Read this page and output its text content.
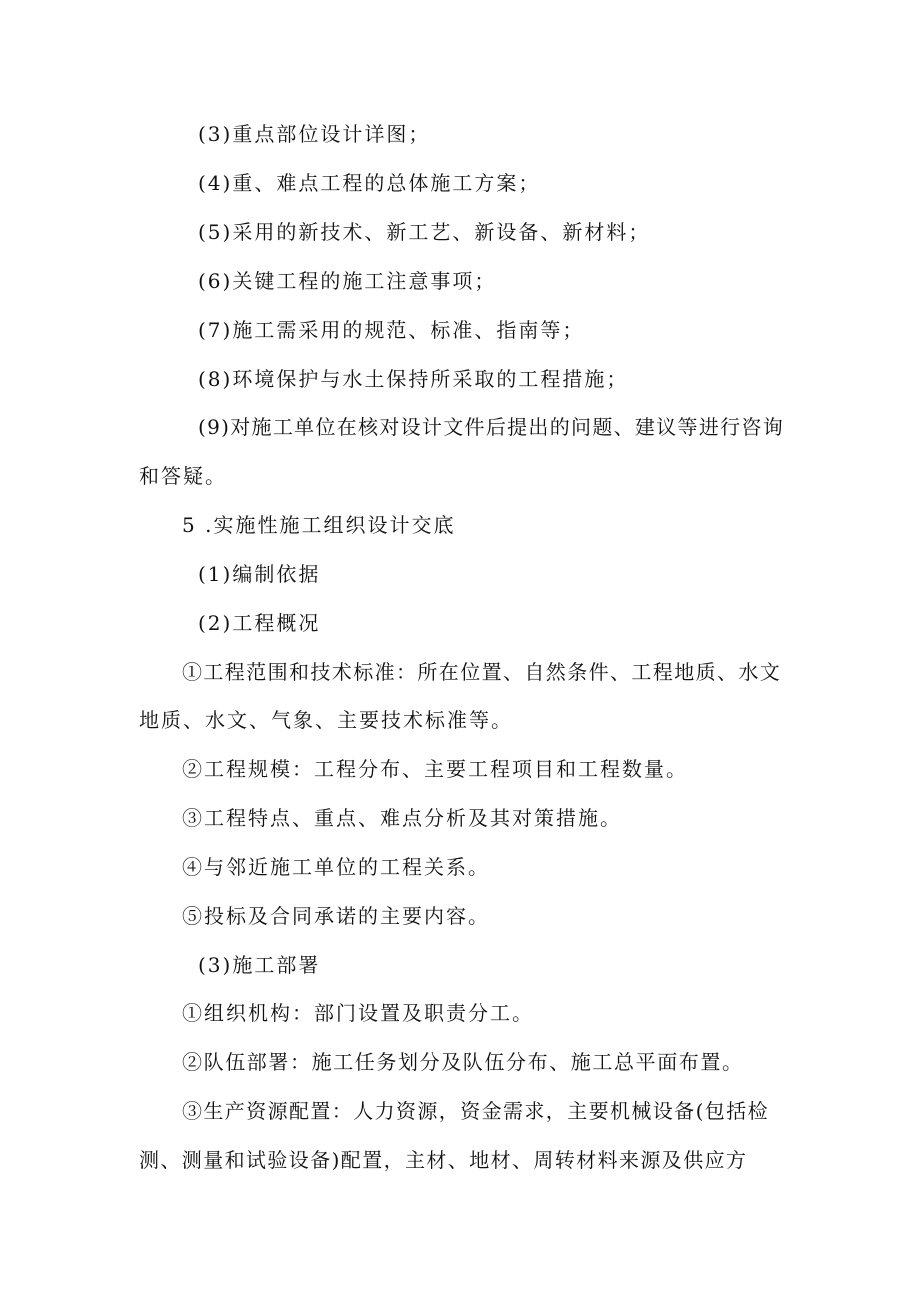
(3)重点部位设计详图；
(4)重、难点工程的总体施工方案；
(5)采用的新技术、新工艺、新设备、新材料；
(6)关键工程的施工注意事项；
(7)施工需采用的规范、标准、指南等；
(8)环境保护与水土保持所采取的工程措施；
(9)对施工单位在核对设计文件后提出的问题、建议等进行咨询
和答疑。
5 .实施性施工组织设计交底
(1)编制依据
(2)工程概况
①工程范围和技术标准：所在位置、自然条件、工程地质、水文
地质、水文、气象、主要技术标准等。
②工程规模：工程分布、主要工程项目和工程数量。
③工程特点、重点、难点分析及其对策措施。
④与邻近施工单位的工程关系。
⑤投标及合同承诺的主要内容。
(3)施工部署
①组织机构：部门设置及职责分工。
②队伍部署：施工任务划分及队伍分布、施工总平面布置。
③生产资源配置：人力资源，资金需求，主要机械设备(包括检
测、测量和试验设备)配置，主材、地材、周转材料来源及供应方
